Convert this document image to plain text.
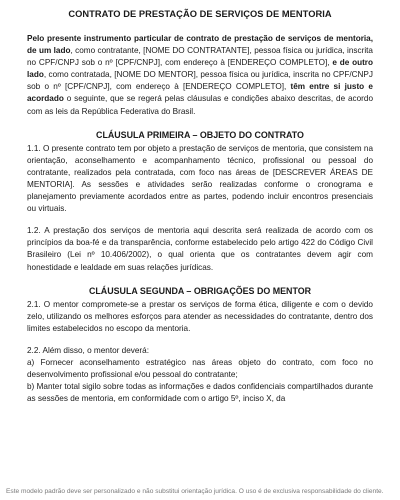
CONTRATO DE PRESTAÇÃO DE SERVIÇOS DE MENTORIA

Pelo presente instrumento particular de contrato de prestação de serviços de mentoria, de um lado, como contratante, [NOME DO CONTRATANTE], pessoa física ou jurídica, inscrita no CPF/CNPJ sob o nº [CPF/CNPJ], com endereço à [ENDEREÇO COMPLETO], e de outro lado, como contratada, [NOME DO MENTOR], pessoa física ou jurídica, inscrita no CPF/CNPJ sob o nº [CPF/CNPJ], com endereço à [ENDEREÇO COMPLETO], têm entre si justo e acordado o seguinte, que se regerá pelas cláusulas e condições abaixo descritas, de acordo com as leis da República Federativa do Brasil.

CLÁUSULA PRIMEIRA – OBJETO DO CONTRATO

1.1. O presente contrato tem por objeto a prestação de serviços de mentoria, que consistem na orientação, aconselhamento e acompanhamento técnico, profissional ou pessoal do contratante, realizados pela contratada, com foco nas áreas de [DESCREVER ÁREAS DE MENTORIA]. As sessões e atividades serão realizadas conforme o cronograma e planejamento previamente acordados entre as partes, podendo incluir encontros presenciais ou virtuais.

1.2. A prestação dos serviços de mentoria aqui descrita será realizada de acordo com os princípios da boa-fé e da transparência, conforme estabelecido pelo artigo 422 do Código Civil Brasileiro (Lei nº 10.406/2002), o qual orienta que os contratantes devem agir com honestidade e lealdade em suas relações jurídicas.

CLÁUSULA SEGUNDA – OBRIGAÇÕES DO MENTOR

2.1. O mentor compromete-se a prestar os serviços de forma ética, diligente e com o devido zelo, utilizando os melhores esforços para atender as necessidades do contratante, dentro dos limites estabelecidos no escopo da mentoria.

2.2. Além disso, o mentor deverá:

a) Fornecer aconselhamento estratégico nas áreas objeto do contrato, com foco no desenvolvimento profissional e/ou pessoal do contratante;

b) Manter total sigilo sobre todas as informações e dados confidenciais compartilhados durante as sessões de mentoria, em conformidade com o artigo 5º, inciso X, da

Este modelo padrão deve ser personalizado e não substitui orientação jurídica. O uso é de exclusiva responsabilidade do cliente.
